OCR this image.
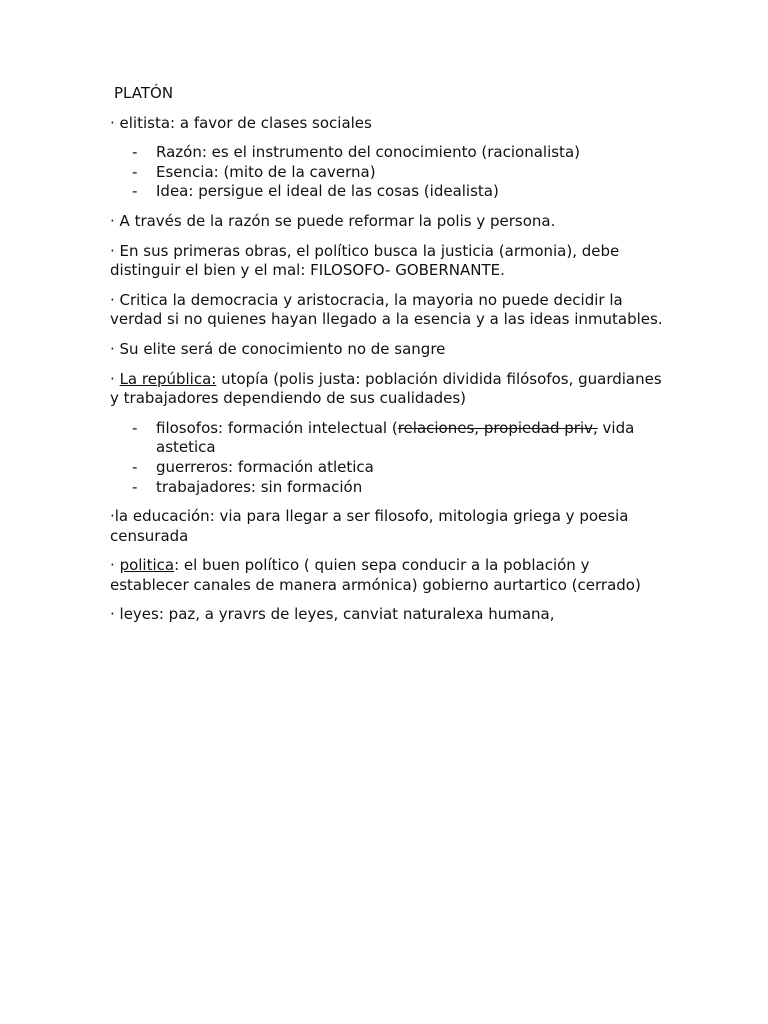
PLATÓN
· elitista: a favor de clases sociales
- Razón: es el instrumento del conocimiento (racionalista)
- Esencia: (mito de la caverna)
- Idea: persigue el ideal de las cosas (idealista)
· A través de la razón se puede reformar la polis y persona.
· En sus primeras obras, el político busca la justicia (armonia), debe distinguir el bien y el mal: FILOSOFO- GOBERNANTE.
· Critica la democracia y aristocracia, la mayoria no puede decidir la verdad si no quienes hayan llegado a la esencia y a las ideas inmutables.
· Su elite será de conocimiento no de sangre
· La república: utopía (polis justa: población dividida filósofos, guardianes y trabajadores dependiendo de sus cualidades)
- filosofos: formación intelectual (relaciones, propiedad priv, vida astetica
- guerreros: formación atletica
- trabajadores: sin formación
·la educación: via para llegar a ser filosofo, mitologia griega y poesia censurada
· politica: el buen político ( quien sepa conducir a la población y establecer canales de manera armónica) gobierno aurtartico (cerrado)
· leyes: paz, a yravrs de leyes, canviat naturalexa humana,
